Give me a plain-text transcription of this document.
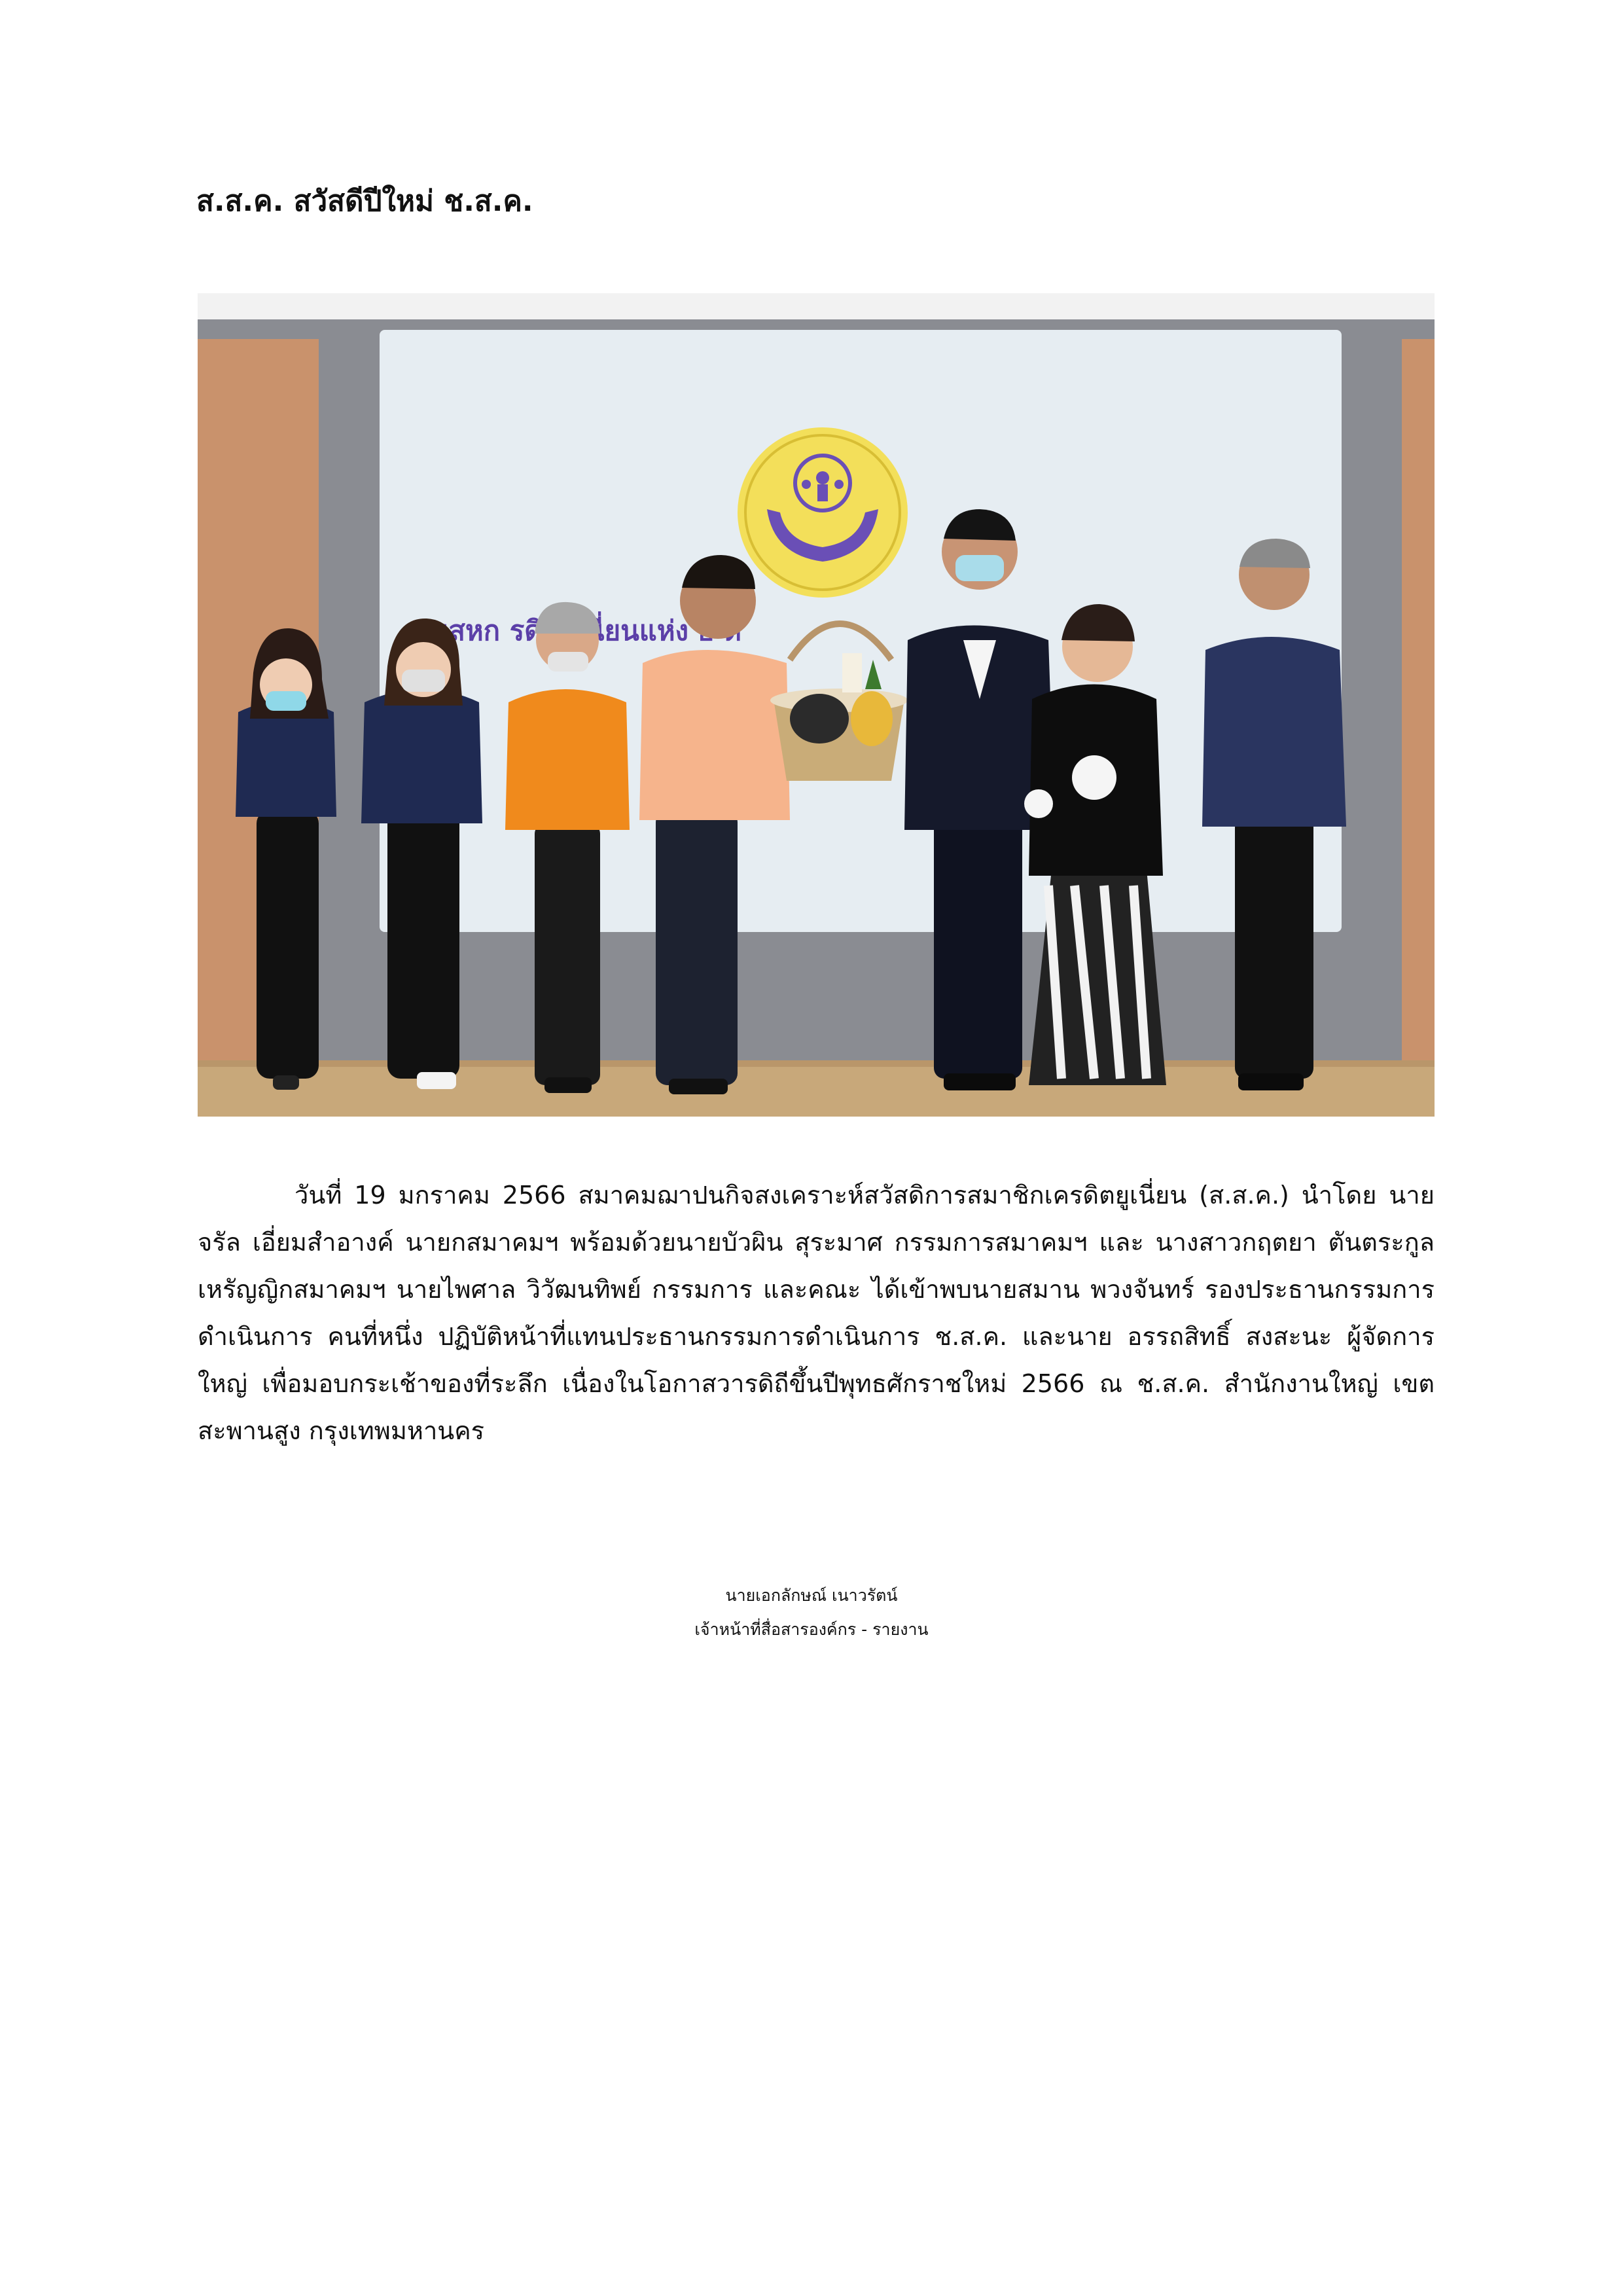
ส.ส.ค. สวัสดีปีใหม่ ช.ส.ค.
สมสหก
วันที่ 19 มกราคม 2566 สมาคมฌาปนกิจสงเคราะห์สวัสดิการสมาชิกเครดิตยูเนี่ยน (ส.ส.ค.) นำโดย นายจรัล เอี่ยมสำอางค์ นายกสมาคมฯ พร้อมด้วยนายบัวผิน สุระมาศ กรรมการสมาคมฯ และ นางสาวกฤตยา ตันตระกูล เหรัญญิกสมาคมฯ นายไพศาล วิวัฒนทิพย์ กรรมการ และคณะ ได้เข้าพบนายสมาน พวงจันทร์ รองประธานกรรมการดำเนินการ คนที่หนึ่ง ปฏิบัติหน้าที่แทนประธานกรรมการดำเนินการ ช.ส.ค. และนาย อรรถสิทธิ์ สงสะนะ ผู้จัดการใหญ่ เพื่อมอบกระเช้าของที่ระลึก เนื่องในโอกาสวารดิถีขึ้นปีพุทธศักราชใหม่ 2566 ณ ช.ส.ค. สำนักงานใหญ่ เขตสะพานสูง กรุงเทพมหานคร
นายเอกลักษณ์ เนาวรัตน์
เจ้าหน้าที่สื่อสารองค์กร - รายงาน
